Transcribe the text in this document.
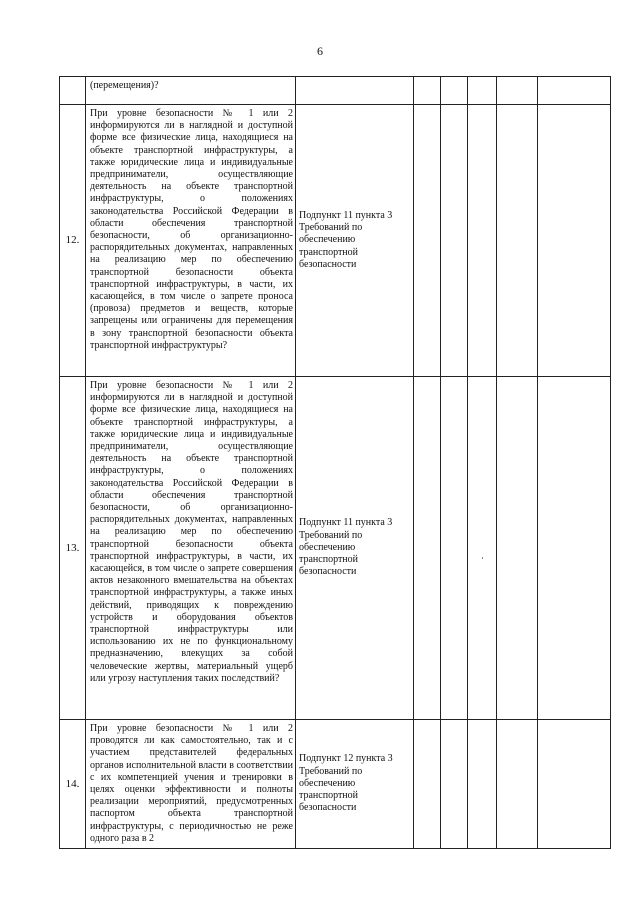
6
	(перемещения)?						
12.	При уровне безопасности № 1 или 2 информируются ли в наглядной и доступной форме все физические лица, находящиеся на объекте транспортной инфраструктуры, а также юридические лица и индивидуальные предприниматели, осуществляющие деятельность на объекте транспортной инфраструктуры, о положениях законодательства Российской Федерации в области обеспечения транспортной безопасности, об организационно-распорядительных документах, направленных на реализацию мер по обеспечению транспортной безопасности объекта транспортной инфраструктуры, в части, их касающейся, в том числе о запрете проноса (провоза) предметов и веществ, которые запрещены или ограничены для перемещения в зону транспортной безопасности объекта транспортной инфраструктуры?	Подпункт 11 пункта 3 Требований по обеспечению транспортной безопасности					
13.	При уровне безопасности № 1 или 2 информируются ли в наглядной и доступной форме все физические лица, находящиеся на объекте транспортной инфраструктуры, а также юридические лица и индивидуальные предприниматели, осуществляющие деятельность на объекте транспортной инфраструктуры, о положениях законодательства Российской Федерации в области обеспечения транспортной безопасности, об организационно-распорядительных документах, направленных на реализацию мер по обеспечению транспортной безопасности объекта транспортной инфраструктуры, в части, их касающейся, в том числе о запрете совершения актов незаконного вмешательства на объектах транспортной инфраструктуры, а также иных действий, приводящих к повреждению устройств и оборудования объектов транспортной инфраструктуры или использованию их не по функциональному предназначению, влекущих за собой человеческие жертвы, материальный ущерб или угрозу наступления таких последствий?	Подпункт 11 пункта 3 Требований по обеспечению транспортной безопасности					
14.	При уровне безопасности № 1 или 2 проводятся ли как самостоятельно, так и с участием представителей федеральных органов исполнительной власти в соответствии с их компетенцией учения и тренировки в целях оценки эффективности и полноты реализации мероприятий, предусмотренных паспортом объекта транспортной инфраструктуры, с периодичностью не реже одного раза в 2	Подпункт 12 пункта 3 Требований по обеспечению транспортной безопасности					
